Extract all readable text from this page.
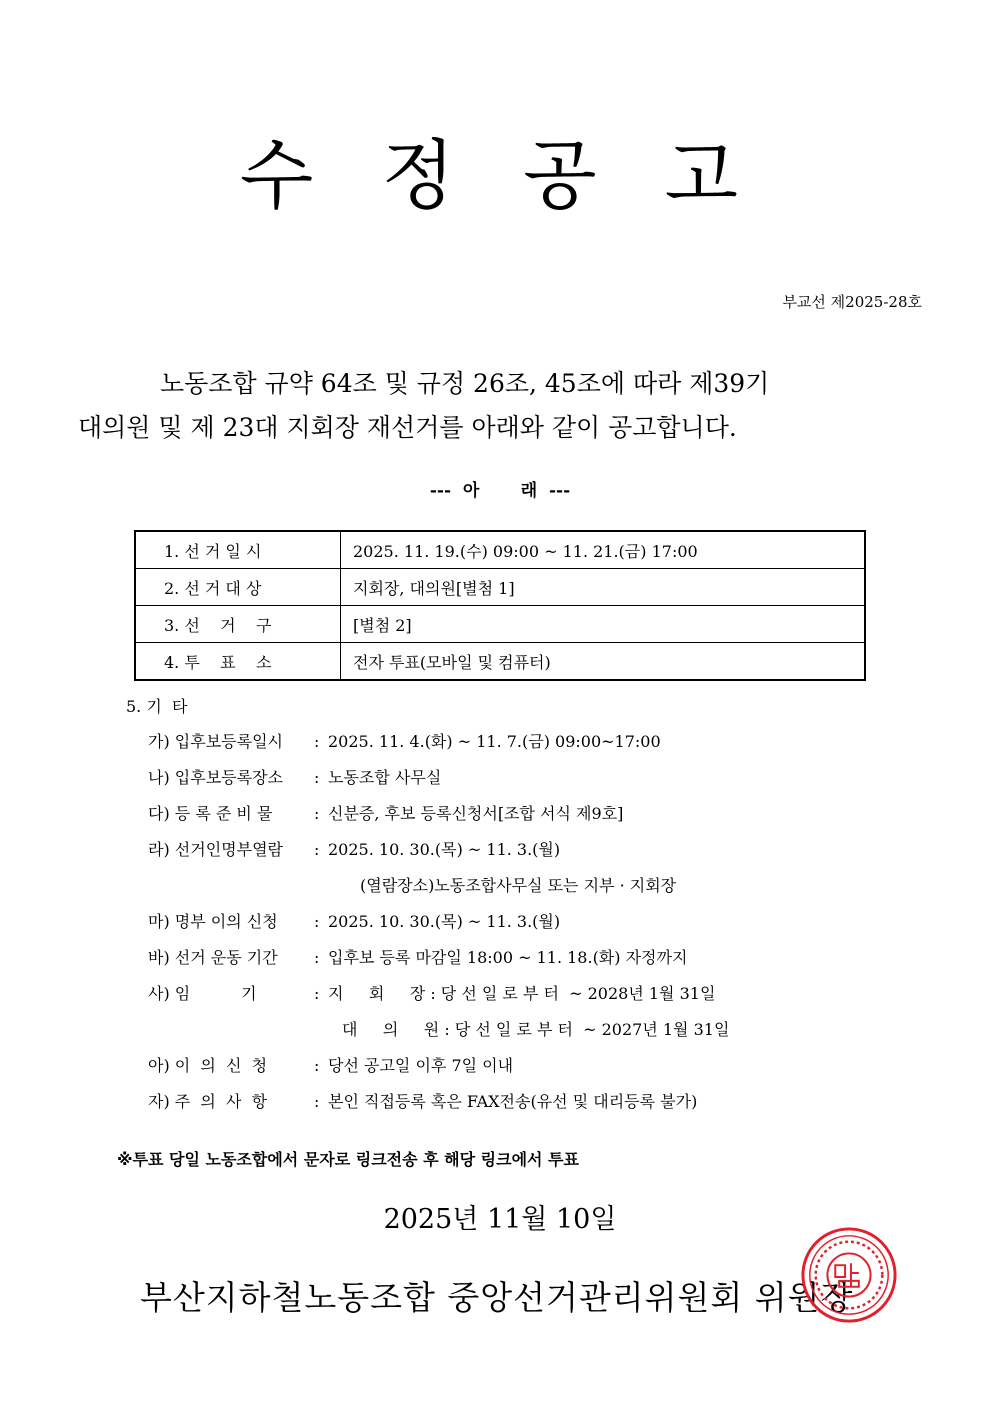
수 정 공 고
부교선 제2025-28호
노동조합 규약 64조 및 규정 26조, 45조에 따라 제39기
대의원 및 제 23대 지회장 재선거를 아래와 같이 공고합니다.
---  아       래  ---
1. 선 거 일 시	2025. 11. 19.(수) 09:00 ~ 11. 21.(금) 17:00
2. 선 거 대 상	지회장, 대의원[별첨 1]
3. 선    거    구	[별첨 2]
4. 투    표    소	전자 투표(모바일 및 컴퓨터)
5. 기  타
가) 입후보등록일시	: 2025. 11. 4.(화) ~ 11. 7.(금) 09:00~17:00
나) 입후보등록장소	: 노동조합 사무실
다) 등 록 준 비 물	: 신분증, 후보 등록신청서[조합 서식 제9호]
라) 선거인명부열람	: 2025. 10. 30.(목) ~ 11. 3.(월)
(열람장소)노동조합사무실 또는 지부 · 지회장
마) 명부 이의 신청	: 2025. 10. 30.(목) ~ 11. 3.(월)
바) 선거 운동 기간	: 입후보 등록 마감일 18:00 ~ 11. 18.(화) 자정까지
사) 임          기	: 지     회     장 : 당 선 일 로 부 터  ~ 2028년 1월 31일
대     의     원 : 당 선 일 로 부 터  ~ 2027년 1월 31일
아) 이  의  신  청	: 당선 공고일 이후 7일 이내
자) 주  의  사  항	: 본인 직접등록 혹은 FAX전송(유선 및 대리등록 불가)
※투표 당일 노동조합에서 문자로 링크전송 후 해당 링크에서 투표
2025년 11월 10일
부산지하철노동조합 중앙선거관리위원회 위원장
